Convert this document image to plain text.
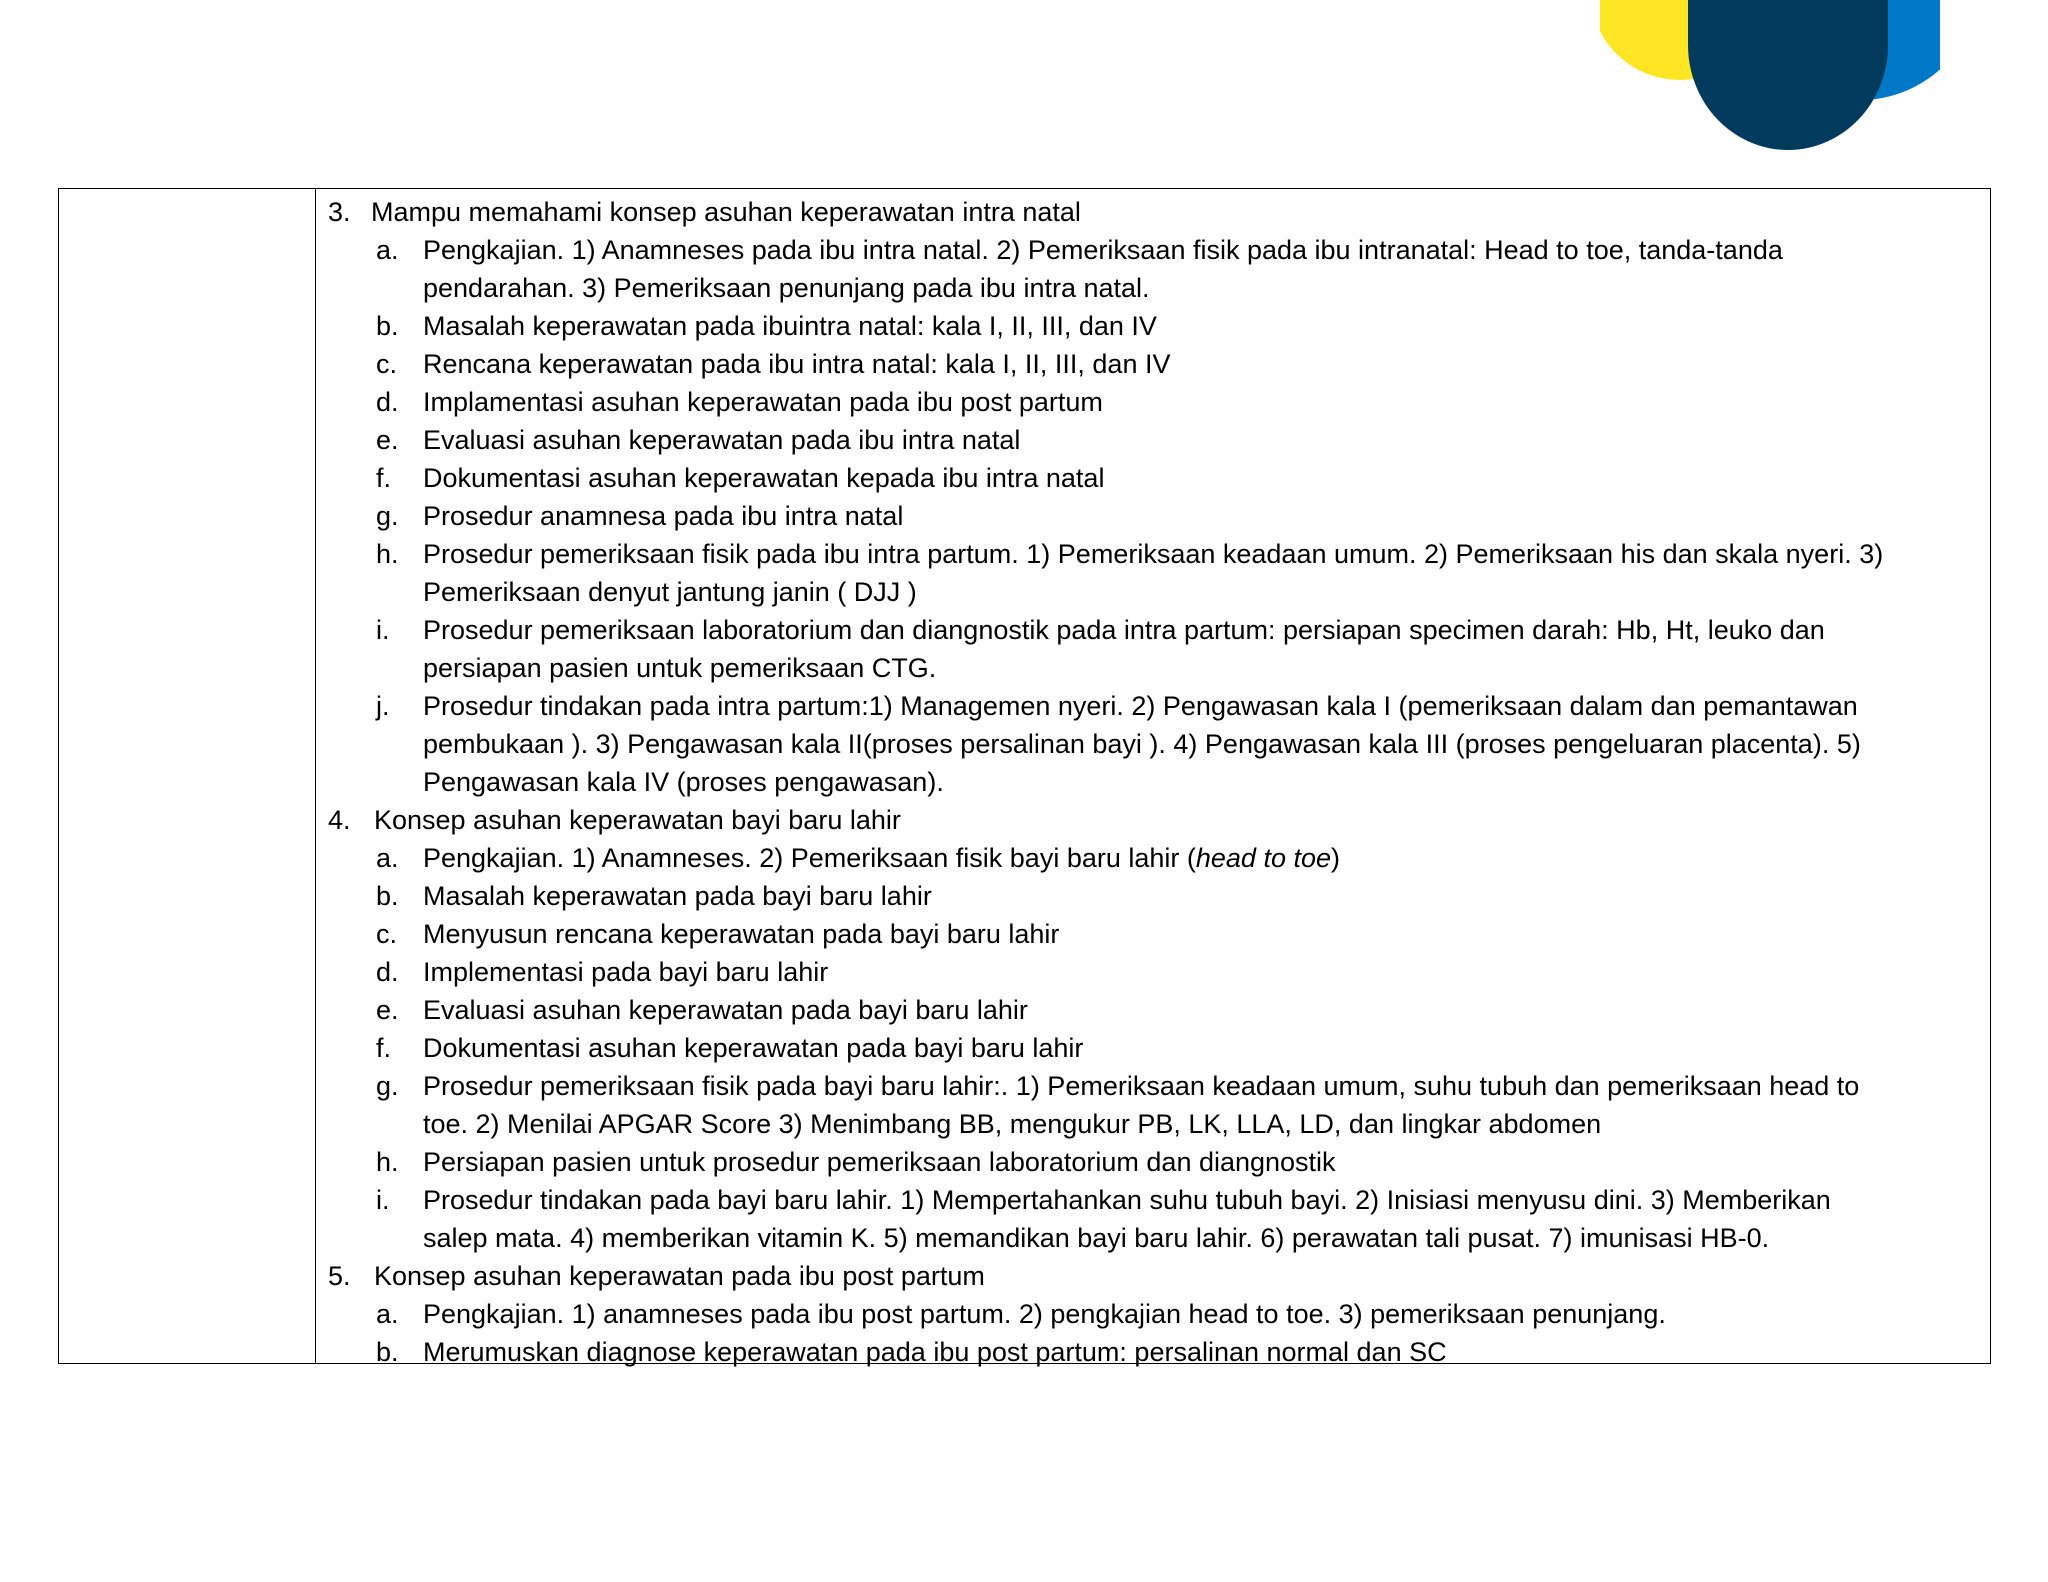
3. Mampu memahami konsep asuhan keperawatan intra natal
a. Pengkajian. 1) Anamneses pada ibu intra natal. 2) Pemeriksaan fisik pada ibu intranatal: Head to toe, tanda-tanda
pendarahan. 3) Pemeriksaan penunjang pada ibu intra natal.
b. Masalah keperawatan pada ibuintra natal: kala I, II, III, dan IV
c. Rencana keperawatan pada ibu intra natal: kala I, II, III, dan IV
d. Implamentasi asuhan keperawatan pada ibu post partum
e. Evaluasi asuhan keperawatan pada ibu intra natal
f. Dokumentasi asuhan keperawatan kepada ibu intra natal
g. Prosedur anamnesa pada ibu intra natal
h. Prosedur pemeriksaan fisik pada ibu intra partum. 1) Pemeriksaan keadaan umum. 2) Pemeriksaan his dan skala nyeri. 3)
Pemeriksaan denyut jantung janin ( DJJ )
i. Prosedur pemeriksaan laboratorium dan diangnostik pada intra partum: persiapan specimen darah: Hb, Ht, leuko dan
persiapan pasien untuk pemeriksaan CTG.
j. Prosedur tindakan pada intra partum:1) Managemen nyeri. 2) Pengawasan kala I (pemeriksaan dalam dan pemantawan
pembukaan ). 3) Pengawasan kala II(proses persalinan bayi ). 4) Pengawasan kala III (proses pengeluaran placenta). 5)
Pengawasan kala IV (proses pengawasan).
4. Konsep asuhan keperawatan bayi baru lahir
a. Pengkajian. 1) Anamneses. 2) Pemeriksaan fisik bayi baru lahir (head to toe)
b. Masalah keperawatan pada bayi baru lahir
c. Menyusun rencana keperawatan pada bayi baru lahir
d. Implementasi pada bayi baru lahir
e. Evaluasi asuhan keperawatan pada bayi baru lahir
f. Dokumentasi asuhan keperawatan pada bayi baru lahir
g. Prosedur pemeriksaan fisik pada bayi baru lahir:. 1) Pemeriksaan keadaan umum, suhu tubuh dan pemeriksaan head to
toe. 2) Menilai APGAR Score 3) Menimbang BB, mengukur PB, LK, LLA, LD, dan lingkar abdomen
h. Persiapan pasien untuk prosedur pemeriksaan laboratorium dan diangnostik
i. Prosedur tindakan pada bayi baru lahir. 1) Mempertahankan suhu tubuh bayi. 2) Inisiasi menyusu dini. 3) Memberikan
salep mata. 4) memberikan vitamin K. 5) memandikan bayi baru lahir. 6) perawatan tali pusat. 7) imunisasi HB-0.
5. Konsep asuhan keperawatan pada ibu post partum
a. Pengkajian. 1) anamneses pada ibu post partum. 2) pengkajian head to toe. 3) pemeriksaan penunjang.
b. Merumuskan diagnose keperawatan pada ibu post partum: persalinan normal dan SC
